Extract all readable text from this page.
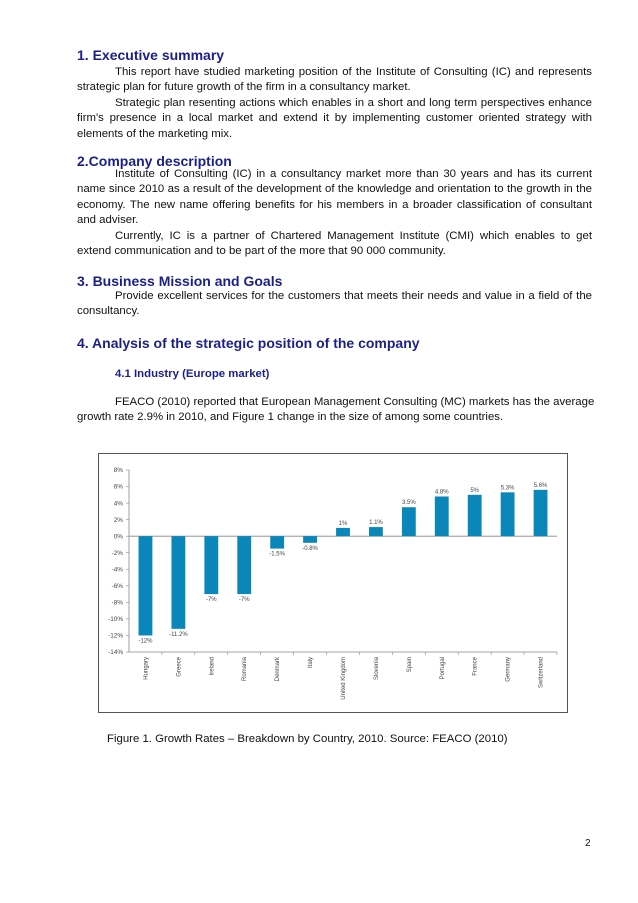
1. Executive summary

This report have studied marketing position of the Institute of Consulting (IC) and represents strategic plan for future growth of the firm in a consultancy market.

Strategic plan resenting actions which enables in a short and long term perspectives enhance firm's presence in a local market and extend it by implementing customer oriented strategy with elements of the marketing mix.

2.Company description

Institute of Consulting (IC) in a consultancy market more than 30 years and has its current name since 2010 as a result of the development of the knowledge and orientation to the growth in the economy. The new name offering benefits for his members in a broader classification of consultant and adviser.

Currently, IC is a partner of Chartered Management Institute (CMI) which enables to get extend communication and to be part of the more that 90 000 community.

3. Business Mission and Goals

Provide excellent services for the customers that meets their needs and value in a field of the consultancy.

4. Analysis of the strategic position of the company
4.1 Industry (Europe market)

FEACO (2010) reported that European Management Consulting (MC) markets has the average growth rate 2.9% in 2010, and Figure 1 change in the size of among some countries.

8%
6%
4%
2%
0%
-2%
-4%
-6%
-8%
-10%
-12%
-14%
-12%
Hungary
-11.2%
Greece
-7%
Ireland
-7%
Romania
-1.5%
Denmark
-0.8%
Italy
1%
United Kingdom
1.1%
Slovenia
3.5%
Spain
4.8%
Portugal
5%
France
5.3%
Germany
5.6%
Switzerland

Figure 1. Growth Rates – Breakdown by Country, 2010. Source: FEACO (2010)

2
